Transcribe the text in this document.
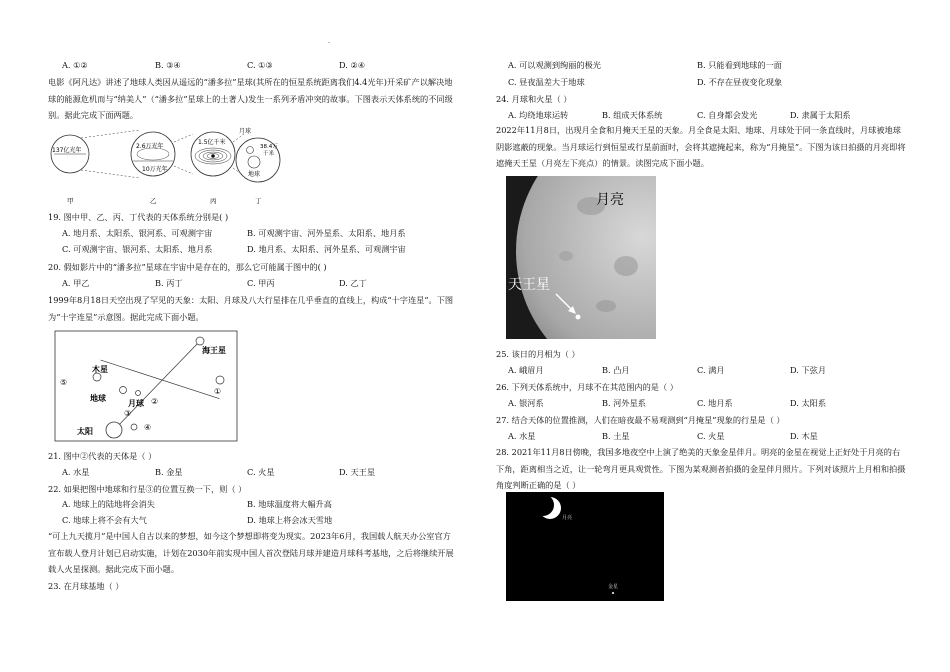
.
A. ①②	B. ③④	C. ①③	D. ②④
电影《阿凡达》讲述了地球人类因从遥远的“潘多拉”星球(其所在的恒星系统距离我们4.4光年)开采矿产以解决地球的能源危机而与“纳美人”（“潘多拉”星球上的土著人)发生一系列矛盾冲突的故事。下图表示天体系统的不同级别。据此完成下面两题。
137亿光年
2.6万光年
10万光年
1.5亿千米
月球
38.4万
千米
地球
甲	乙	丙	丁
19. 图中甲、乙、丙、丁代表的天体系统分别是( )
A. 地月系、太阳系、银河系、可观测宇宙	B. 可观测宇宙、河外星系、太阳系、地月系
C. 可观测宇宙、银河系、太阳系、地月系	D. 地月系、太阳系、河外星系、可观测宇宙
20. 假如影片中的“潘多拉”星球在宇宙中是存在的，那么它可能属于图中的( )
A. 甲乙	B. 丙丁	C. 甲丙	D. 乙丁
1999年8月18日天空出现了罕见的天象：太阳、月球及八大行星排在几乎垂直的直线上，构成“十字连星”。下图为“十字连星”示意图。据此完成下面小题。
海王星
木星
⑤
地球
月球 ②
①
③
太阳	④
21. 图中②代表的天体是（ ）
A. 水星	B. 金星	C. 火星	D. 天王星
22. 如果把图中地球和行星③的位置互换一下，则（ ）
A. 地球上的陆地将会消失	B. 地球温度将大幅升高
C. 地球上将不会有大气	D. 地球上将会冰天雪地
“可上九天揽月”是中国人自古以来的梦想，如今这个梦想即将变为现实。2023年6月，我国载人航天办公室官方宣布载人登月计划已启动实施，计划在2030年前实现中国人首次登陆月球并建造月球科考基地，之后将继续开展载人火星探测。据此完成下面小题。
23. 在月球基地（ ）
A. 可以观测到绚丽的极光	B. 只能看到地球的一面
C. 昼夜温差大于地球	D. 不存在昼夜变化现象
24. 月球和火星（ ）
A. 均绕地球运转	B. 组成天体系统	C. 自身都会发光	D. 隶属于太阳系
2022年11月8日，出现月全食和月掩天王星的天象。月全食是太阳、地球、月球处于同一条直线时，月球被地球阴影遮蔽的现象。当月球运行到恒星或行星前面时，会将其遮掩起来，称为“月掩星”。下图为该日拍摄的月亮即将遮掩天王星（月亮左下亮点）的情景。读图完成下面小题。
月亮
天王星
25. 该日的月相为（ ）
A. 峨眉月	B. 凸月	C. 满月	D. 下弦月
26. 下列天体系统中，月球不在其范围内的是（ ）
A. 银河系	B. 河外星系	C. 地月系	D. 太阳系
27. 结合天体的位置推测，人们在暗夜最不易观测到“月掩星”现象的行星是（ ）
A. 水星	B. 土星	C. 火星	D. 木星
28. 2021年11月8日傍晚，我国多地夜空中上演了绝美的天象金星伴月。明亮的金星在视觉上正好处于月亮的右下角，距离相当之近，让一轮弯月更具观赏性。下图为某观测者拍摄的金星伴月照片。下列对该照片上月相和拍摄角度判断正确的是（ ）
月亮
金星
